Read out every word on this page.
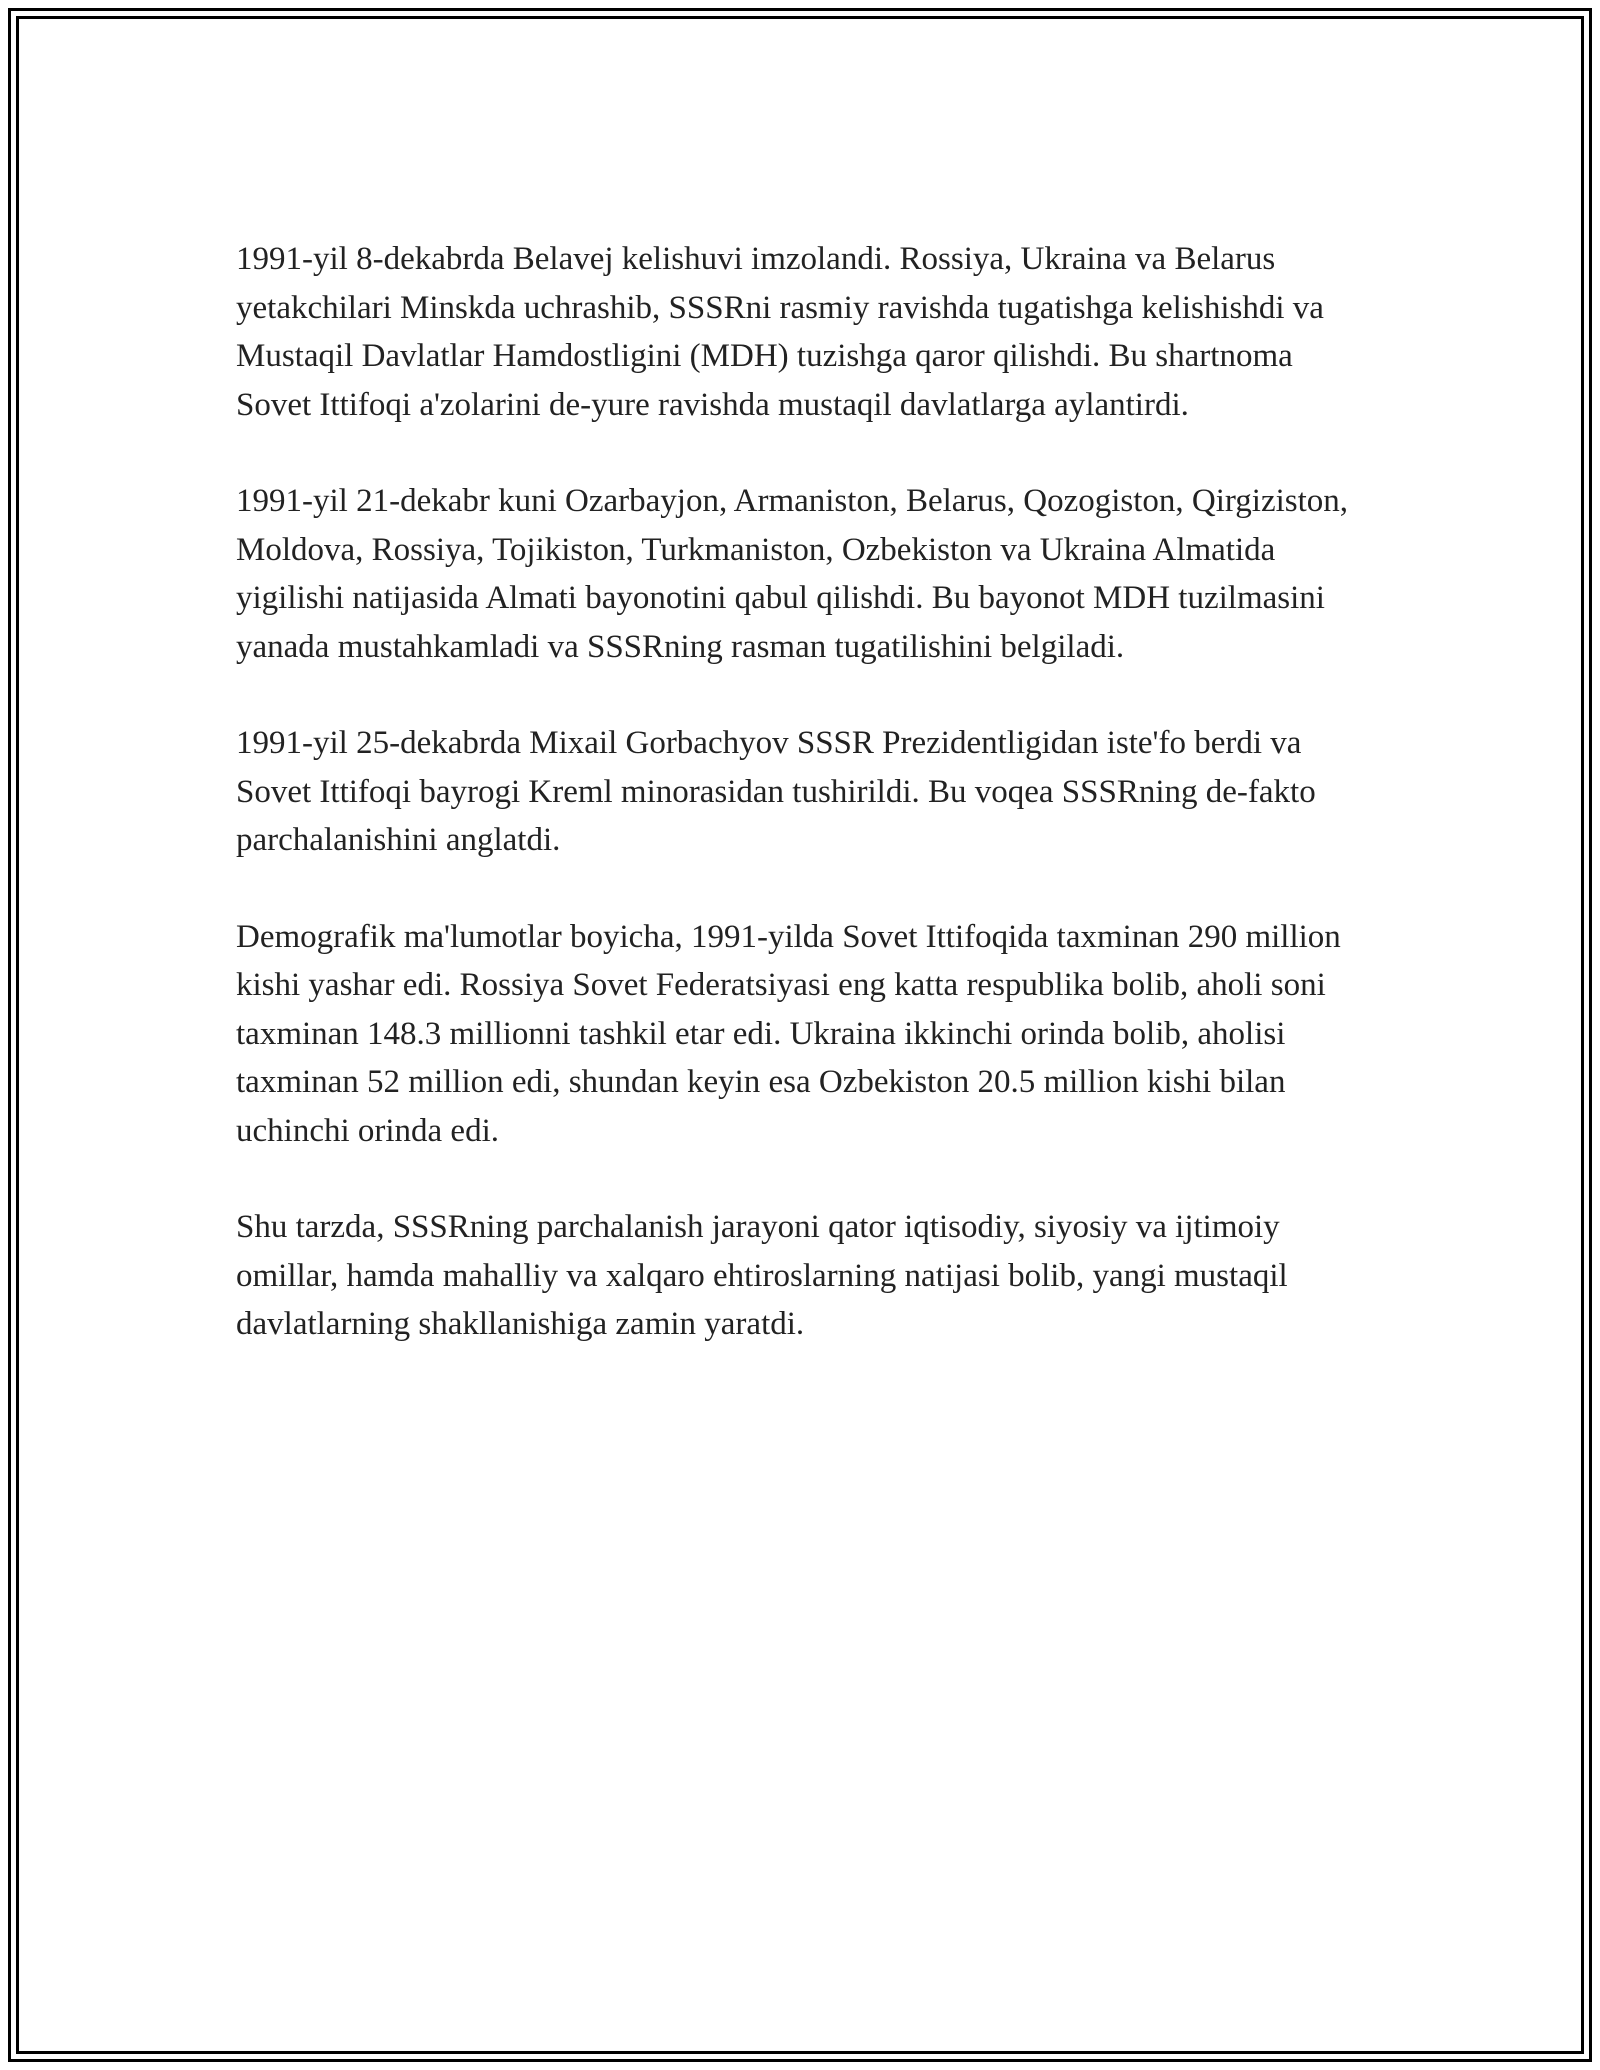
1991-yil 8-dekabrda Belavej kelishuvi imzolandi. Rossiya, Ukraina va Belarus yetakchilari Minskda uchrashib, SSSRni rasmiy ravishda tugatishga kelishishdi va Mustaqil Davlatlar Hamdostligini (MDH) tuzishga qaror qilishdi. Bu shartnoma Sovet Ittifoqi a'zolarini de-yure ravishda mustaqil davlatlarga aylantirdi.

1991-yil 21-dekabr kuni Ozarbayjon, Armaniston, Belarus, Qozogiston, Qirgiziston, Moldova, Rossiya, Tojikiston, Turkmaniston, Ozbekiston va Ukraina Almatida yigilishi natijasida Almati bayonotini qabul qilishdi. Bu bayonot MDH tuzilmasini yanada mustahkamladi va SSSRning rasman tugatilishini belgiladi.

1991-yil 25-dekabrda Mixail Gorbachyov SSSR Prezidentligidan iste'fo berdi va Sovet Ittifoqi bayrogi Kreml minorasidan tushirildi. Bu voqea SSSRning de-fakto parchalanishini anglatdi.

Demografik ma'lumotlar boyicha, 1991-yilda Sovet Ittifoqida taxminan 290 million kishi yashar edi. Rossiya Sovet Federatsiyasi eng katta respublika bolib, aholi soni taxminan 148.3 millionni tashkil etar edi. Ukraina ikkinchi orinda bolib, aholisi taxminan 52 million edi, shundan keyin esa Ozbekiston 20.5 million kishi bilan uchinchi orinda edi.

Shu tarzda, SSSRning parchalanish jarayoni qator iqtisodiy, siyosiy va ijtimoiy omillar, hamda mahalliy va xalqaro ehtiroslarning natijasi bolib, yangi mustaqil davlatlarning shakllanishiga zamin yaratdi.
